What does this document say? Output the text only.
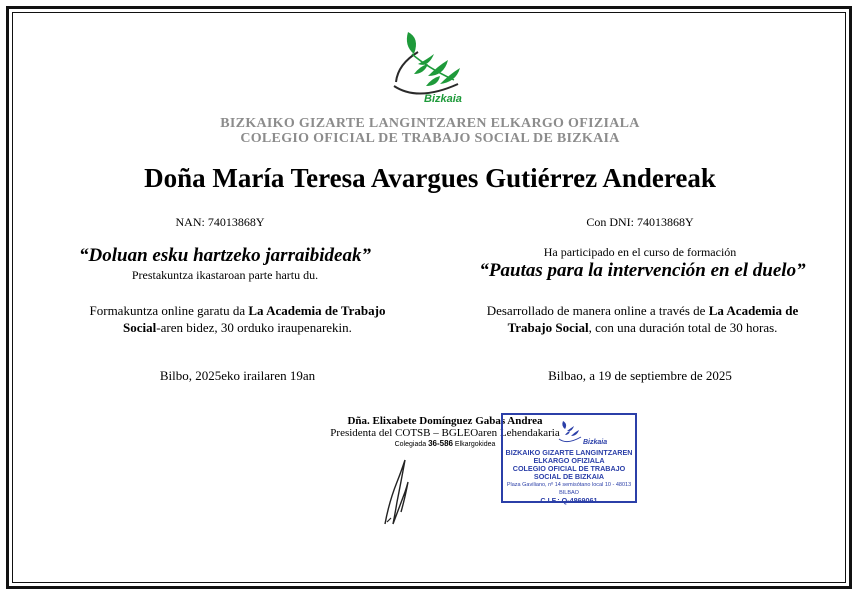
Bizkaia
BIZKAIKO GIZARTE LANGINTZAREN ELKARGO OFIZIALA
COLEGIO OFICIAL DE TRABAJO SOCIAL DE BIZKAIA
Doña María Teresa Avargues Gutiérrez Andereak
NAN: 74013868Y
“Doluan esku hartzeko jarraibideak”
Prestakuntza ikastaroan parte hartu du.
Formakuntza online garatu da La Academia de Trabajo Social-aren bidez, 30 orduko iraupenarekin.
Bilbo, 2025eko irailaren 19an
Con DNI: 74013868Y
Ha participado en el curso de formación
“Pautas para la intervención en el duelo”
Desarrollado de manera online a través de La Academia de Trabajo Social, con una duración total de 30 horas.
Bilbao, a 19 de septiembre de 2025
Dña. Elixabete Domínguez Gabas Andrea
Presidenta del COTSB – BGLEOaren Lehendakaria
Colegiada 36-586 Elkargokidea	Bizkaia
BIZKAIKO GIZARTE LANGINTZAREN
ELKARGO OFIZIALA
COLEGIO OFICIAL DE TRABAJO
SOCIAL DE BIZKAIA
Plaza Gaviliano, nº 14 semisótano local 10 - 48013 BILBAO
C.I.F.: Q-4869061
